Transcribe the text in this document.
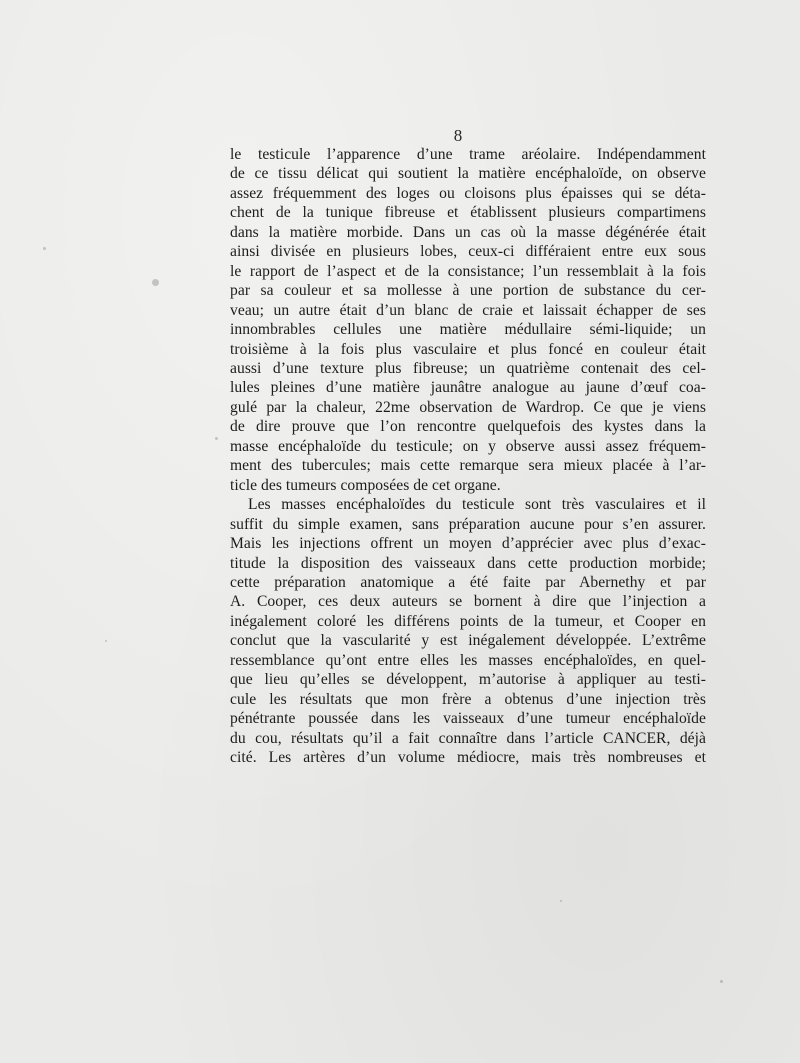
8
le testicule l’apparence d’une trame aréolaire. Indépendamment
de ce tissu délicat qui soutient la matière encéphaloïde, on observe
assez fréquemment des loges ou cloisons plus épaisses qui se déta-
chent de la tunique fibreuse et établissent plusieurs compartimens
dans la matière morbide. Dans un cas où la masse dégénérée était
ainsi divisée en plusieurs lobes, ceux-ci différaient entre eux sous
le rapport de l’aspect et de la consistance; l’un ressemblait à la fois
par sa couleur et sa mollesse à une portion de substance du cer-
veau; un autre était d’un blanc de craie et laissait échapper de ses
innombrables cellules une matière médullaire sémi-liquide; un
troisième à la fois plus vasculaire et plus foncé en couleur était
aussi d’une texture plus fibreuse; un quatrième contenait des cel-
lules pleines d’une matière jaunâtre analogue au jaune d’œuf coa-
gulé par la chaleur, 22me observation de Wardrop. Ce que je viens
de dire prouve que l’on rencontre quelquefois des kystes dans la
masse encéphaloïde du testicule; on y observe aussi assez fréquem-
ment des tubercules; mais cette remarque sera mieux placée à l’ar-
ticle des tumeurs composées de cet organe.
Les masses encéphaloïdes du testicule sont très vasculaires et il
suffit du simple examen, sans préparation aucune pour s’en assurer.
Mais les injections offrent un moyen d’apprécier avec plus d’exac-
titude la disposition des vaisseaux dans cette production morbide;
cette préparation anatomique a été faite par Abernethy et par
A. Cooper, ces deux auteurs se bornent à dire que l’injection a
inégalement coloré les différens points de la tumeur, et Cooper en
conclut que la vascularité y est inégalement développée. L’extrême
ressemblance qu’ont entre elles les masses encéphaloïdes, en quel-
que lieu qu’elles se développent, m’autorise à appliquer au testi-
cule les résultats que mon frère a obtenus d’une injection très
pénétrante poussée dans les vaisseaux d’une tumeur encéphaloïde
du cou, résultats qu’il a fait connaître dans l’article CANCER, déjà
cité. Les artères d’un volume médiocre, mais très nombreuses et
